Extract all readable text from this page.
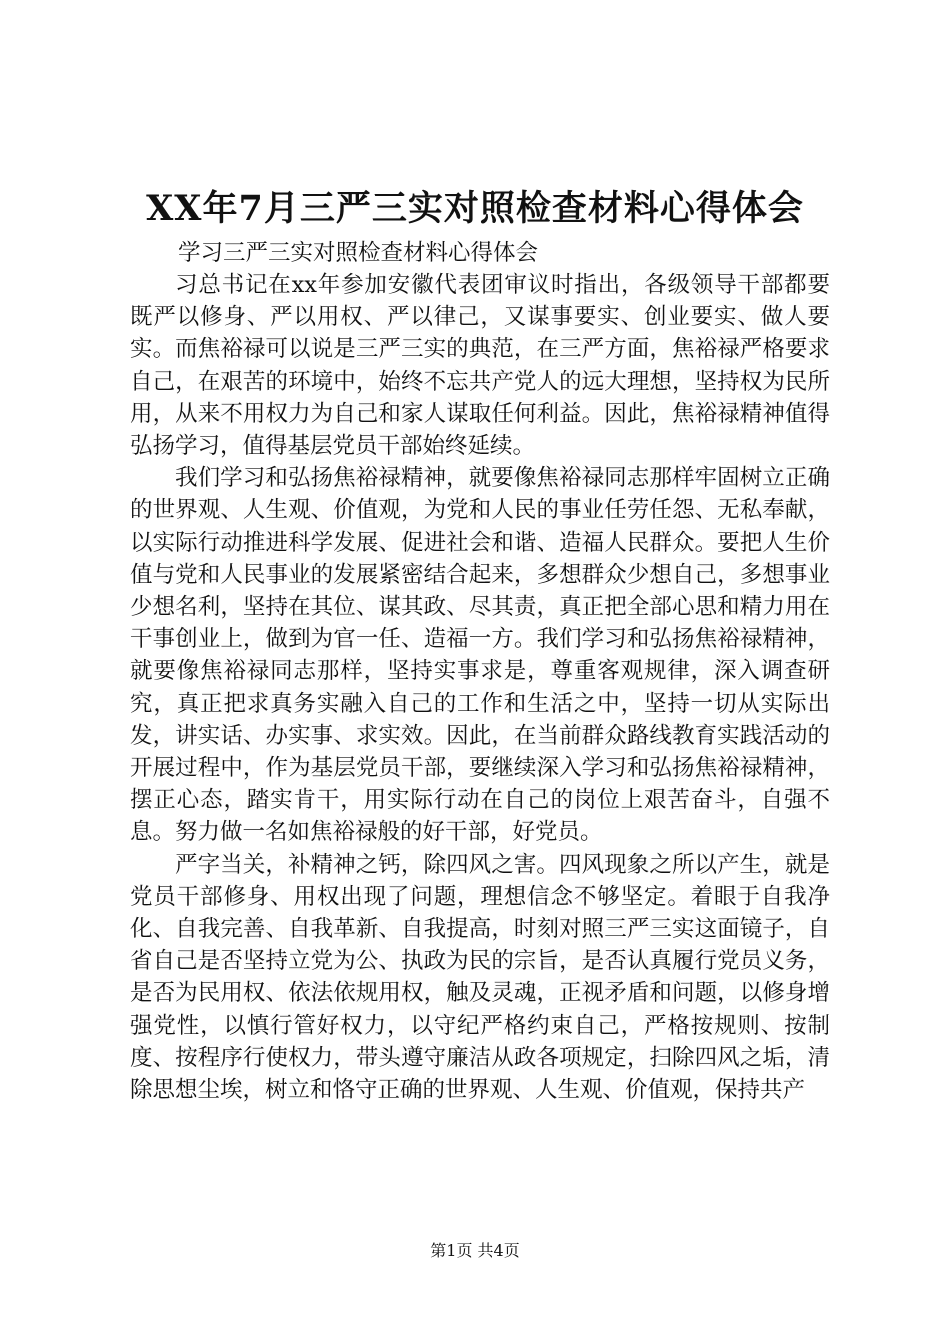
XX年7月三严三实对照检查材料心得体会

学习三严三实对照检查材料心得体会

习总书记在xx年参加安徽代表团审议时指出，各级领导干部都要既严以修身、严以用权、严以律己，又谋事要实、创业要实、做人要实。而焦裕禄可以说是三严三实的典范，在三严方面，焦裕禄严格要求自己，在艰苦的环境中，始终不忘共产党人的远大理想，坚持权为民所用，从来不用权力为自己和家人谋取任何利益。因此，焦裕禄精神值得弘扬学习，值得基层党员干部始终延续。

我们学习和弘扬焦裕禄精神，就要像焦裕禄同志那样牢固树立正确的世界观、人生观、价值观，为党和人民的事业任劳任怨、无私奉献，以实际行动推进科学发展、促进社会和谐、造福人民群众。要把人生价值与党和人民事业的发展紧密结合起来，多想群众少想自己，多想事业少想名利，坚持在其位、谋其政、尽其责，真正把全部心思和精力用在干事创业上，做到为官一任、造福一方。我们学习和弘扬焦裕禄精神，就要像焦裕禄同志那样，坚持实事求是，尊重客观规律，深入调查研究，真正把求真务实融入自己的工作和生活之中，坚持一切从实际出发，讲实话、办实事、求实效。因此，在当前群众路线教育实践活动的开展过程中，作为基层党员干部，要继续深入学习和弘扬焦裕禄精神，摆正心态，踏实肯干，用实际行动在自己的岗位上艰苦奋斗，自强不息。努力做一名如焦裕禄般的好干部，好党员。

严字当关，补精神之钙，除四风之害。四风现象之所以产生，就是党员干部修身、用权出现了问题，理想信念不够坚定。着眼于自我净化、自我完善、自我革新、自我提高，时刻对照三严三实这面镜子，自省自己是否坚持立党为公、执政为民的宗旨，是否认真履行党员义务，是否为民用权、依法依规用权，触及灵魂，正视矛盾和问题，以修身增强党性，以慎行管好权力，以守纪严格约束自己，严格按规则、按制度、按程序行使权力，带头遵守廉洁从政各项规定，扫除四风之垢，清除思想尘埃，树立和恪守正确的世界观、人生观、价值观，保持共产

第1页 共4页
